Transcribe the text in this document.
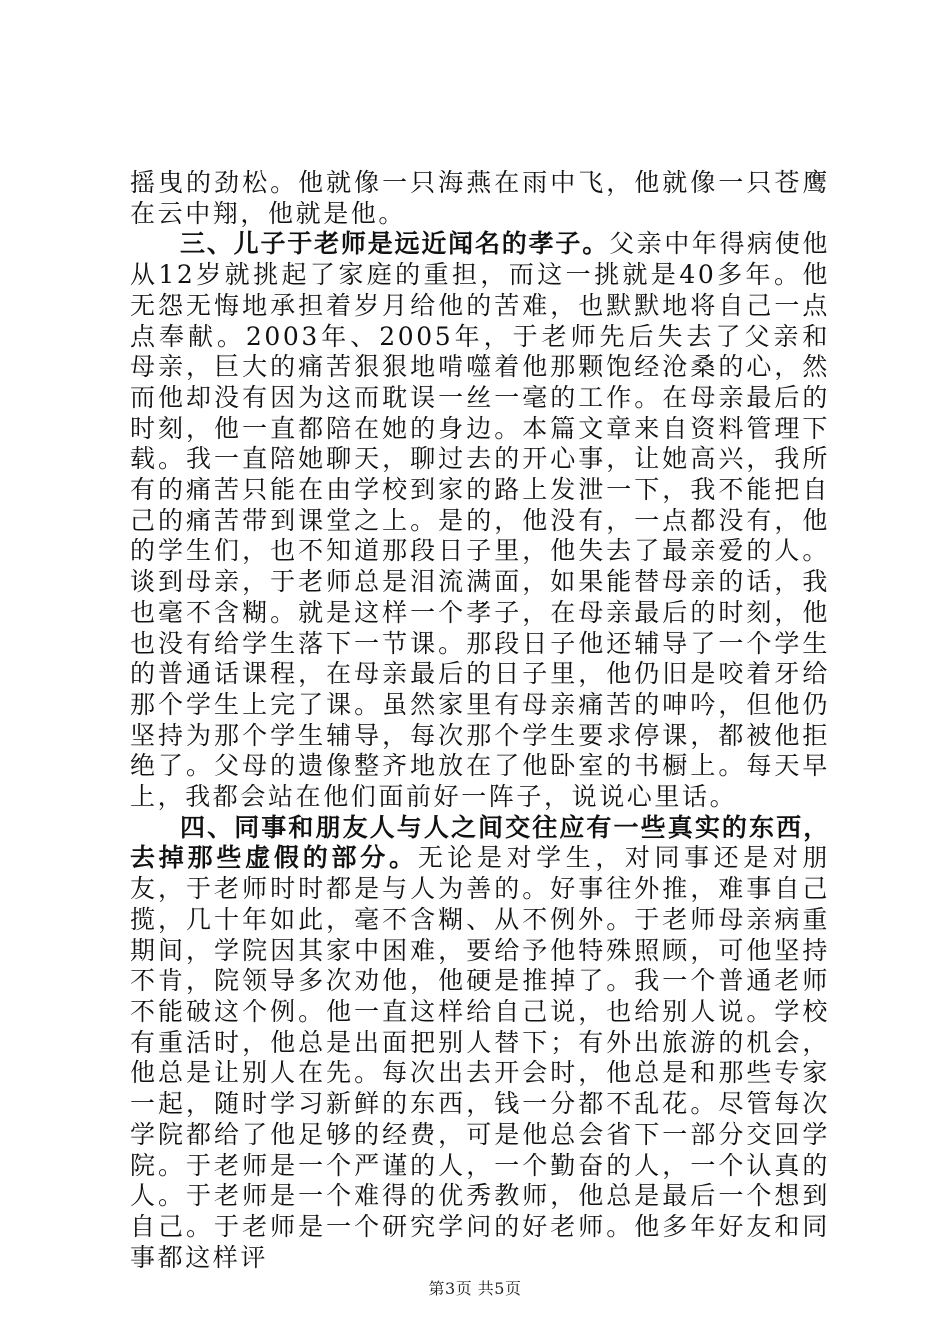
摇曳的劲松。他就像一只海燕在雨中飞，他就像一只苍鹰在云中翔，他就是他。

三、儿子于老师是远近闻名的孝子。父亲中年得病使他从12岁就挑起了家庭的重担，而这一挑就是40多年。他无怨无悔地承担着岁月给他的苦难，也默默地将自己一点点奉献。2003年、2005年，于老师先后失去了父亲和母亲，巨大的痛苦狠狠地啃噬着他那颗饱经沧桑的心，然而他却没有因为这而耽误一丝一毫的工作。在母亲最后的时刻，他一直都陪在她的身边。本篇文章来自资料管理下载。我一直陪她聊天，聊过去的开心事，让她高兴，我所有的痛苦只能在由学校到家的路上发泄一下，我不能把自己的痛苦带到课堂之上。是的，他没有，一点都没有，他的学生们，也不知道那段日子里，他失去了最亲爱的人。谈到母亲，于老师总是泪流满面，如果能替母亲的话，我也毫不含糊。就是这样一个孝子，在母亲最后的时刻，他也没有给学生落下一节课。那段日子他还辅导了一个学生的普通话课程，在母亲最后的日子里，他仍旧是咬着牙给那个学生上完了课。虽然家里有母亲痛苦的呻吟，但他仍坚持为那个学生辅导，每次那个学生要求停课，都被他拒绝了。父母的遗像整齐地放在了他卧室的书橱上。每天早上，我都会站在他们面前好一阵子，说说心里话。

四、同事和朋友人与人之间交往应有一些真实的东西，去掉那些虚假的部分。无论是对学生，对同事还是对朋友，于老师时时都是与人为善的。好事往外推，难事自己揽，几十年如此，毫不含糊、从不例外。于老师母亲病重期间，学院因其家中困难，要给予他特殊照顾，可他坚持不肯，院领导多次劝他，他硬是推掉了。我一个普通老师不能破这个例。他一直这样给自己说，也给别人说。学校有重活时，他总是出面把别人替下；有外出旅游的机会，他总是让别人在先。每次出去开会时，他总是和那些专家一起，随时学习新鲜的东西，钱一分都不乱花。尽管每次学院都给了他足够的经费，可是他总会省下一部分交回学院。于老师是一个严谨的人，一个勤奋的人，一个认真的人。于老师是一个难得的优秀教师，他总是最后一个想到自己。于老师是一个研究学问的好老师。他多年好友和同事都这样评

第3页 共5页
